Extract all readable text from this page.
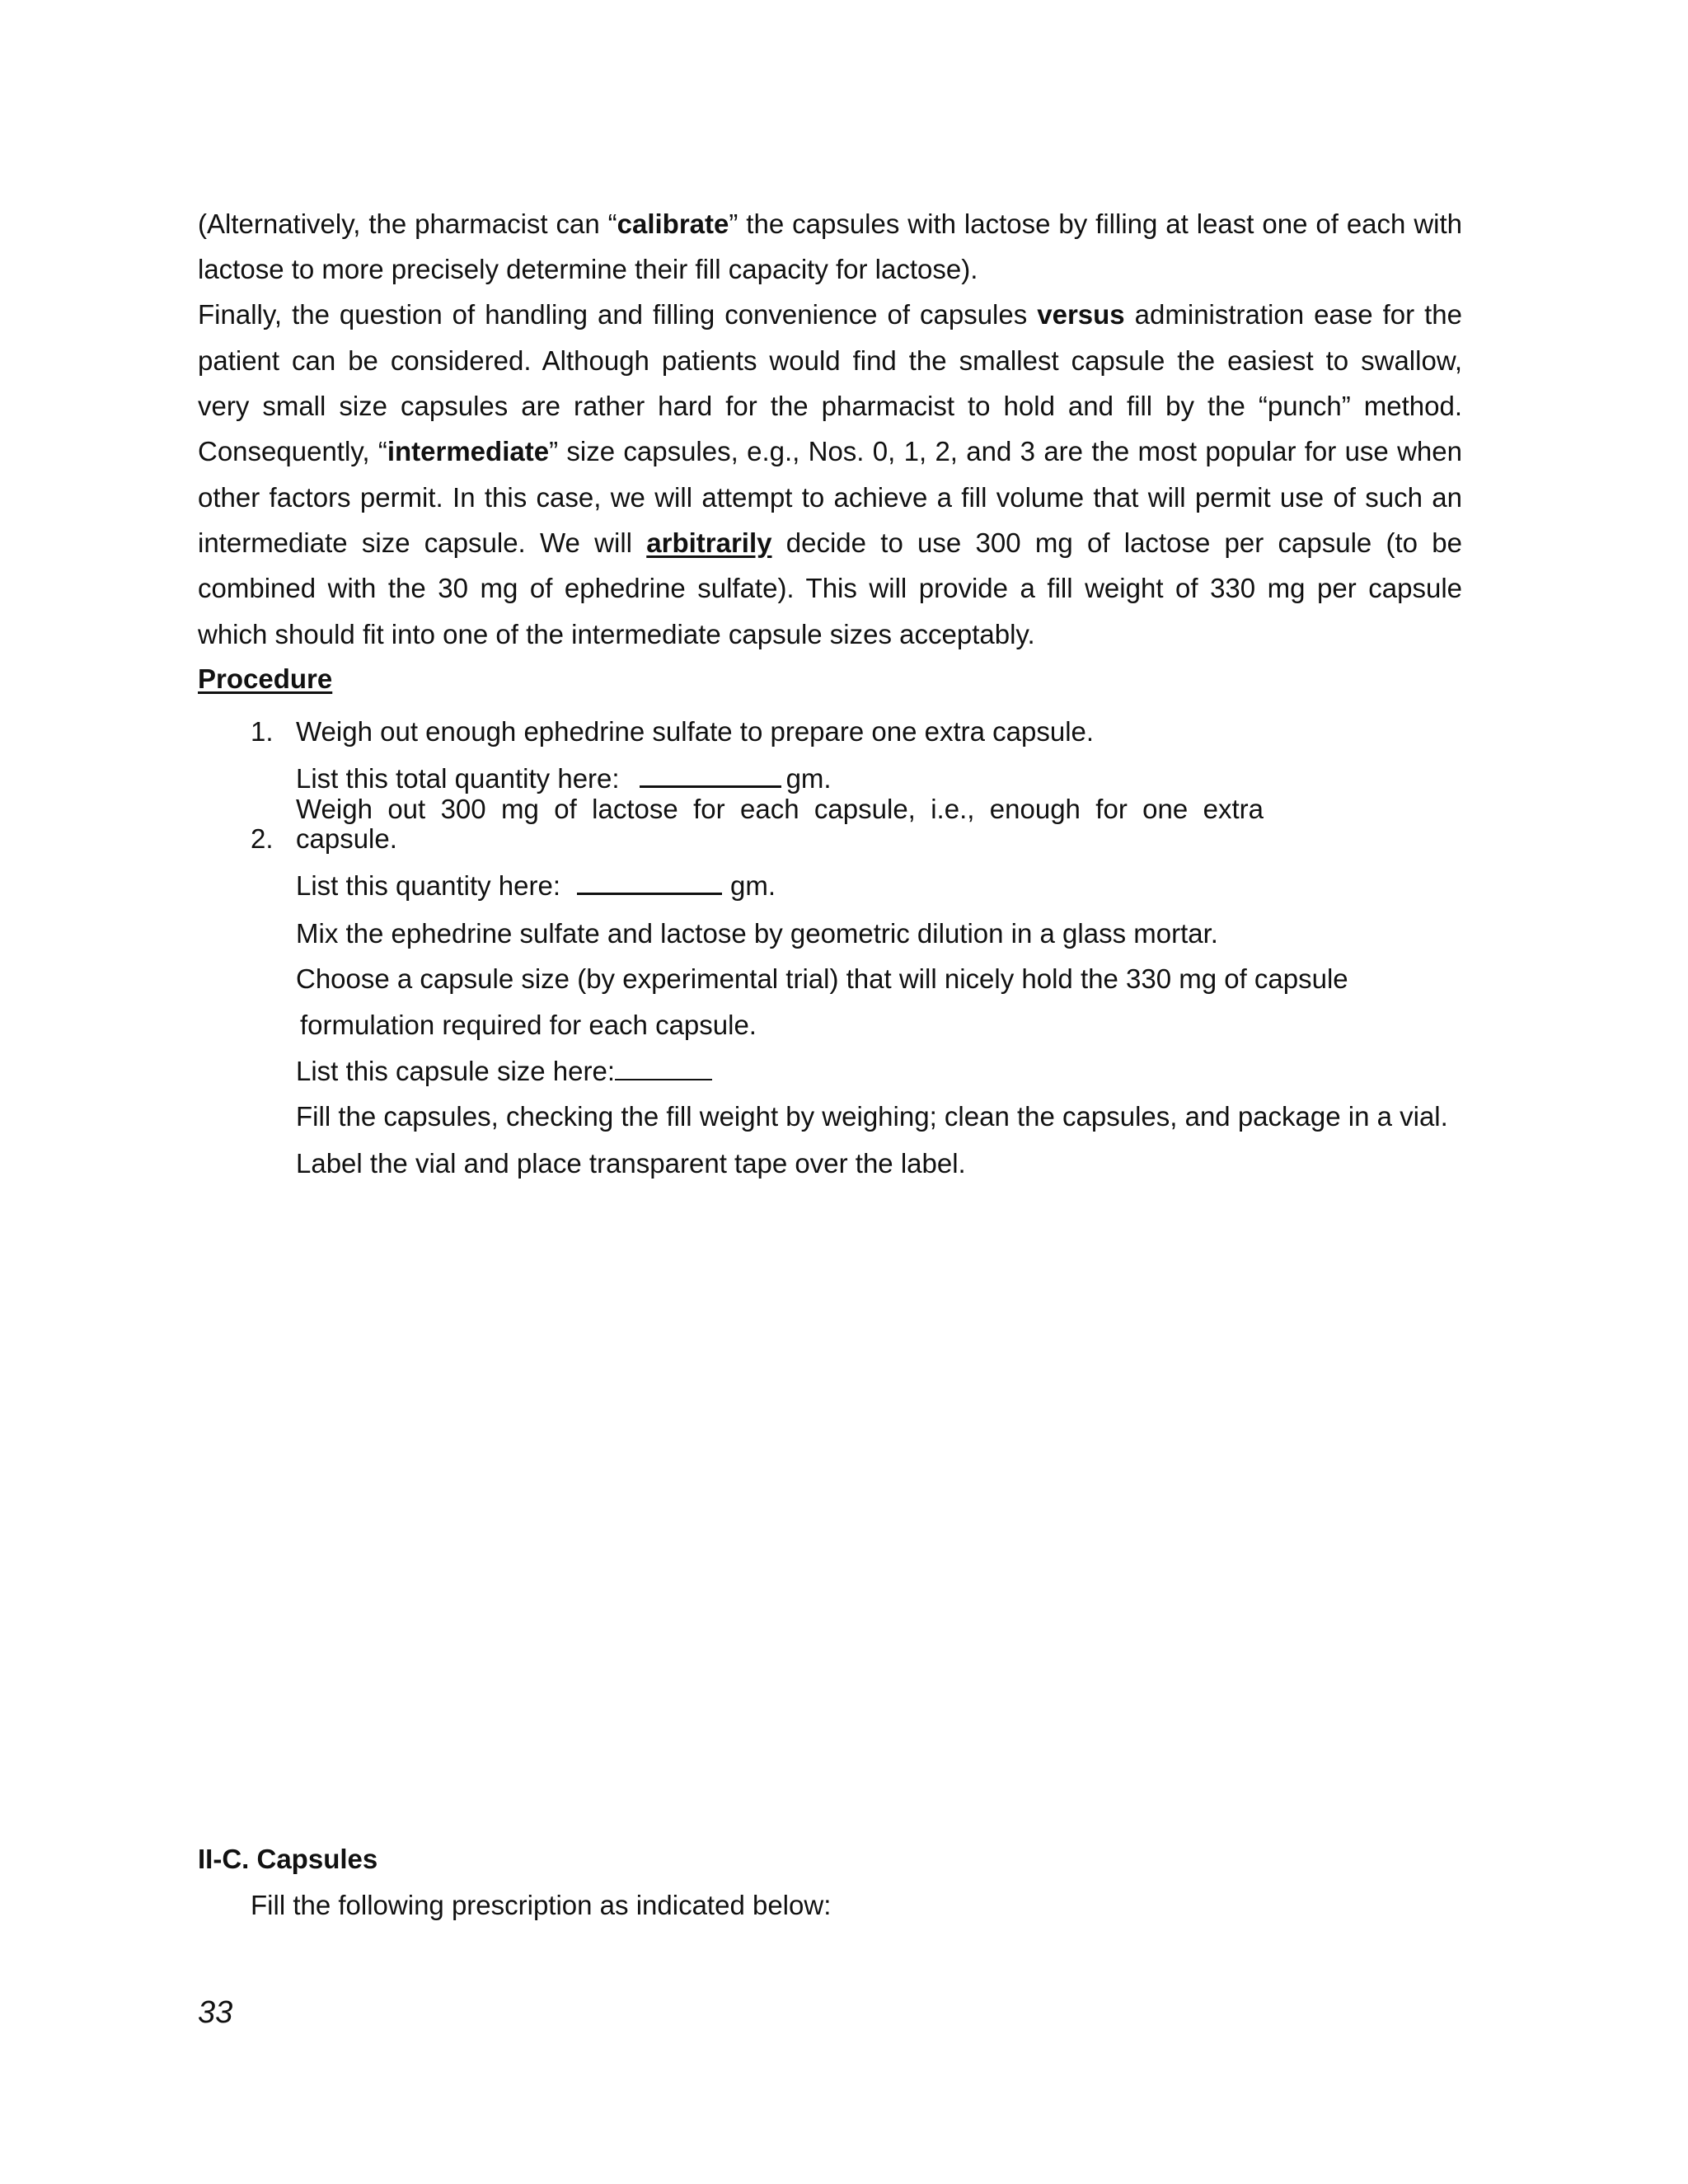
(Alternatively, the pharmacist can “calibrate” the capsules with lactose by filling at least one of each with
lactose to more precisely determine their fill capacity for lactose).
Finally, the question of handling and filling convenience of capsules versus administration ease for the
patient can be considered. Although patients would find the smallest capsule the easiest to swallow,
very small size capsules are rather hard for the pharmacist to hold and fill by the “punch” method.
Consequently, “intermediate” size capsules, e.g., Nos. 0, 1, 2, and 3 are the most popular for use when
other factors permit. In this case, we will attempt to achieve a fill volume that will permit use of such an
intermediate size capsule. We will arbitrarily decide to use 300 mg of lactose per capsule (to be
combined with the 30 mg of ephedrine sulfate). This will provide a fill weight of 330 mg per capsule
which should fit into one of the intermediate capsule sizes acceptably.
Procedure
1. Weigh out enough ephedrine sulfate to prepare one extra capsule.
List this total quantity here:	gm.
Weigh out 300 mg of lactose for each capsule, i.e., enough for one extra
2. capsule.
List this quantity here:	gm.
Mix the ephedrine sulfate and lactose by geometric dilution in a glass mortar.
Choose a capsule size (by experimental trial) that will nicely hold the 330 mg of capsule
formulation required for each capsule.
List this capsule size here:
Fill the capsules, checking the fill weight by weighing; clean the capsules, and package in a vial.
Label the vial and place transparent tape over the label.
II-C. Capsules
Fill the following prescription as indicated below:
33
